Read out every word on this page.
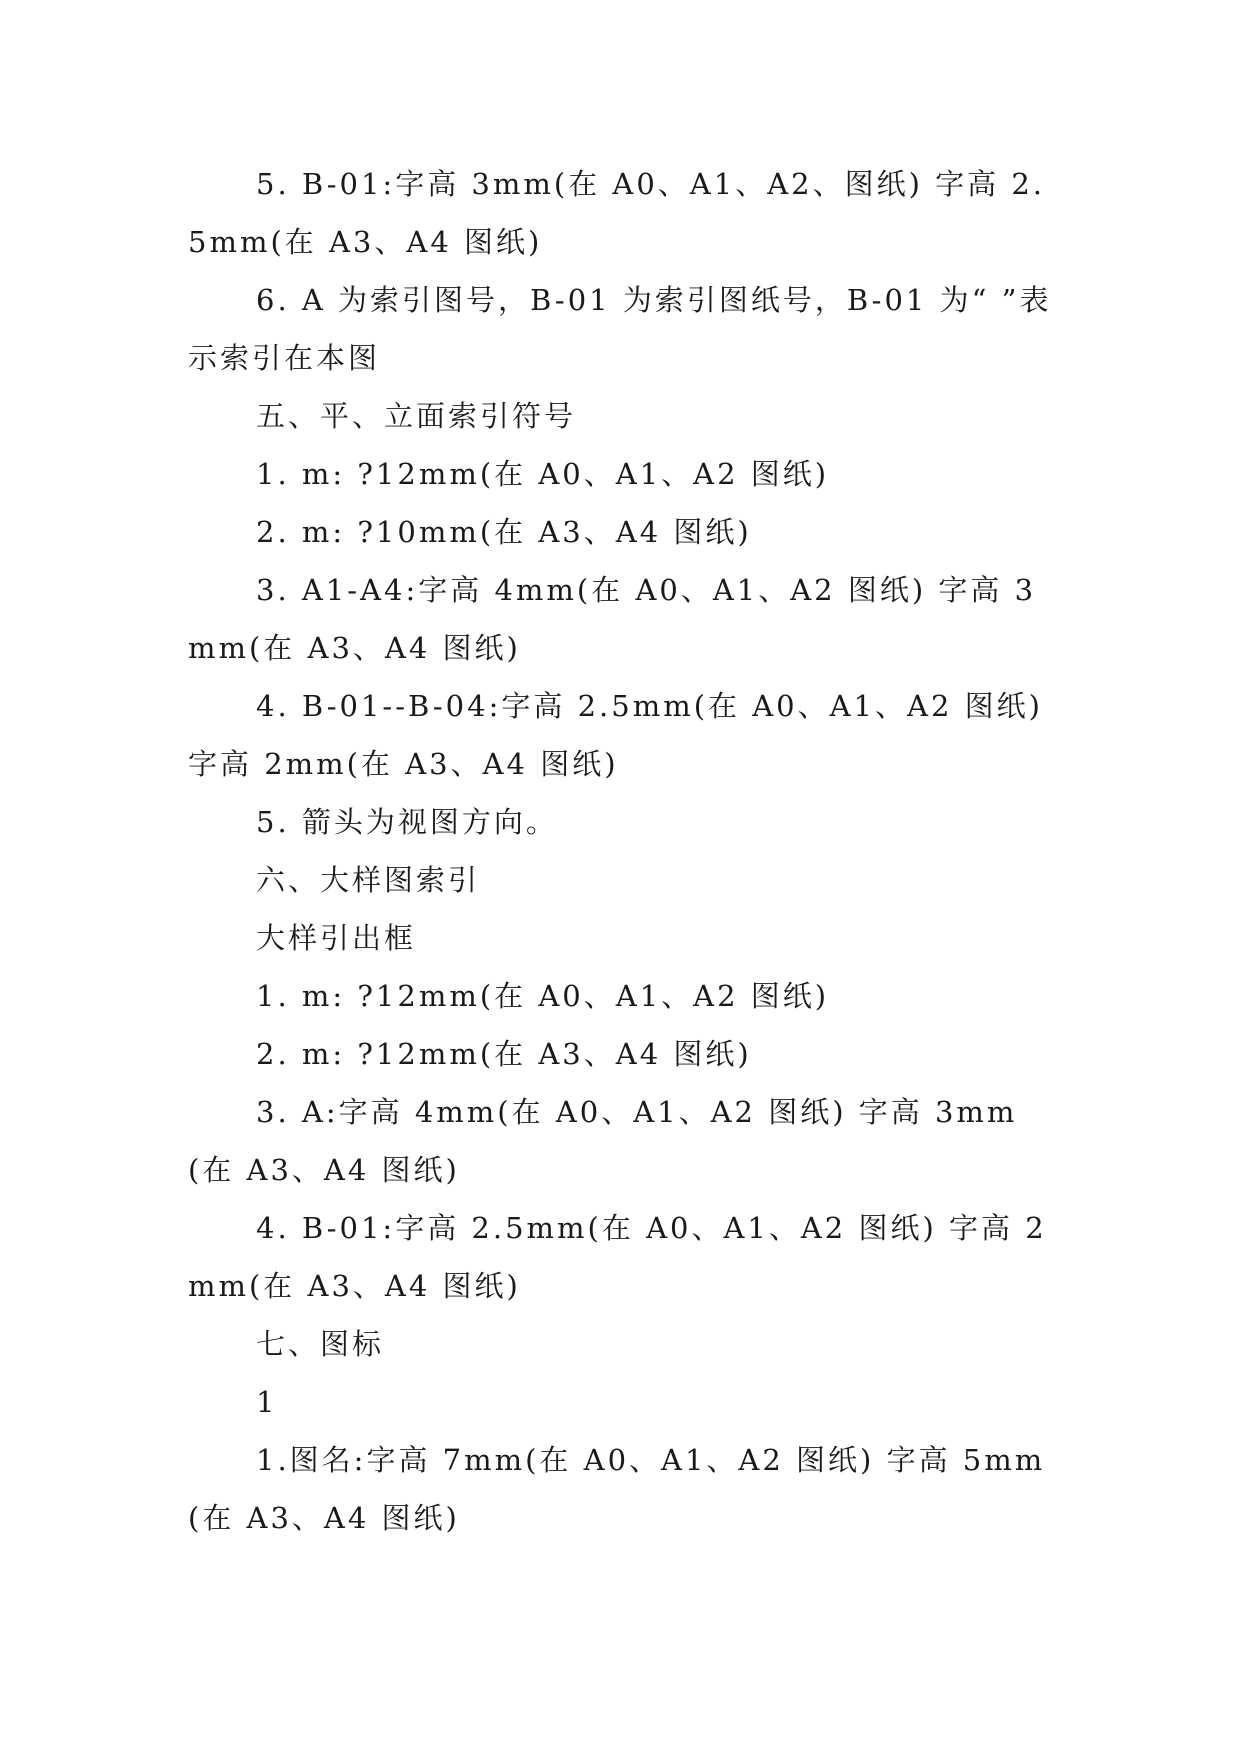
5. B-01:字高 3mm(在 A0、A1、A2、图纸) 字高 2.5mm(在 A3、A4 图纸)

6. A 为索引图号，B-01 为索引图纸号，B-01 为“ ”表示索引在本图

五、平、立面索引符号

1. m: ?12mm(在 A0、A1、A2 图纸)

2. m: ?10mm(在 A3、A4 图纸)

3. A1-A4:字高 4mm(在 A0、A1、A2 图纸) 字高 3mm(在 A3、A4 图纸)

4. B-01--B-04:字高 2.5mm(在 A0、A1、A2 图纸) 字高 2mm(在 A3、A4 图纸)

5. 箭头为视图方向。

六、大样图索引

大样引出框

1. m: ?12mm(在 A0、A1、A2 图纸)

2. m: ?12mm(在 A3、A4 图纸)

3. A:字高 4mm(在 A0、A1、A2 图纸) 字高 3mm(在 A3、A4 图纸)

4. B-01:字高 2.5mm(在 A0、A1、A2 图纸) 字高 2mm(在 A3、A4 图纸)

七、图标

1

1.图名:字高 7mm(在 A0、A1、A2 图纸) 字高 5mm(在 A3、A4 图纸)
